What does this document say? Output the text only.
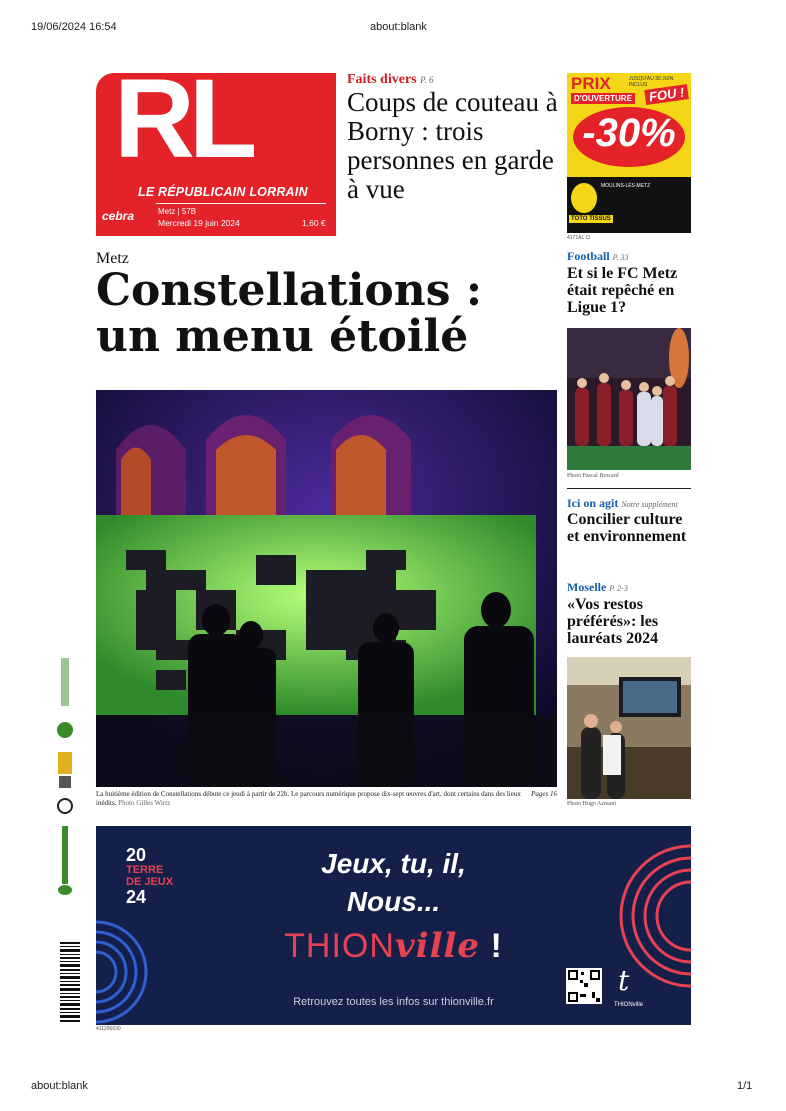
19/06/2024 16:54	about:blank
about:blank	1/1
RL
LE RÉPUBLICAIN LORRAIN
cebra	Metz | 57B
Mercredi 19 juin 2024	1,60 €
Faits divers P. 6
Coups de couteau à Borny : trois personnes en garde à vue
PRIX
D'OUVERTURE
JUSQU'AU 30 JUIN INCLUS FOU !
-30%
TOTO TISSUS
MOULINS-LÈS-METZ
4171AL Cl
Metz
Constellations : un menu étoilé
Pages 16
La huitième édition de Constellations débute ce jeudi à partir de 22h. Le parcours numérique propose dix-sept œuvres d'art, dont certains dans des lieux inédits. Photo Gilles Wirtz
Football P. 33
Et si le FC Metz était repêché en Ligue 1?
Photo Pascal Brocard
Ici on agit Notre supplément
Concilier culture et environnement
Moselle P. 2-3
«Vos restos préférés»: les lauréats 2024
Photo Hugo Azmani
20
TERRE
DE JEUX
24
Jeux, tu, il,
Nous...
THIONville !
Retrouvez toutes les infos sur thionville.fr
t
THIONville
411296630
